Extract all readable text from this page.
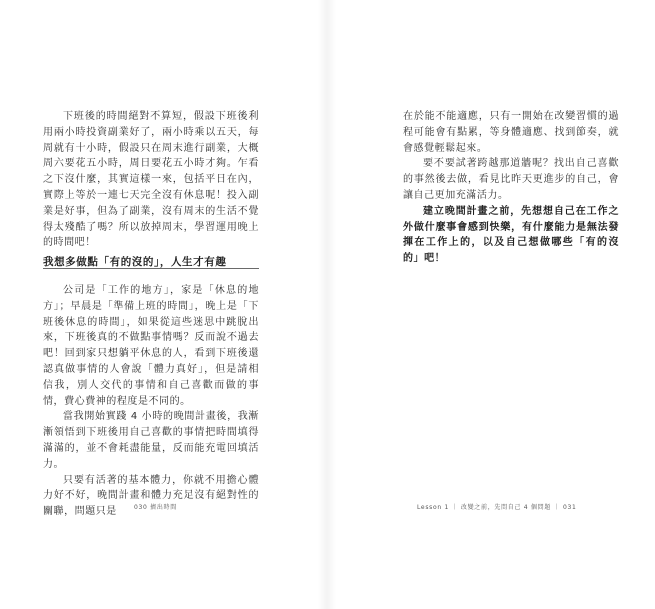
下班後的時間絕對不算短，假設下班後利用兩小時投資副業好了，兩小時乘以五天，每周就有十小時，假設只在周末進行副業，大概周六要花五小時，周日要花五小時才夠。乍看之下沒什麼，其實這樣一來，包括平日在內，實際上等於一連七天完全沒有休息呢！投入副業是好事，但為了副業，沒有周末的生活不覺得太殘酷了嗎？所以放掉周末，學習運用晚上的時間吧！

我想多做點「有的沒的」，人生才有趣

公司是「工作的地方」，家是「休息的地方」；早晨是「準備上班的時間」，晚上是「下班後休息的時間」，如果從這些迷思中跳脫出來，下班後真的不做點事情嗎？反而說不過去吧！回到家只想躺平休息的人，看到下班後還認真做事情的人會說「體力真好」，但是請相信我，別人交代的事情和自己喜歡而做的事情，費心費神的程度是不同的。

當我開始實踐 4 小時的晚間計畫後，我漸漸領悟到下班後用自己喜歡的事情把時間填得滿滿的，並不會耗盡能量，反而能充電回填活力。

只要有活著的基本體力，你就不用擔心體力好不好，晚間計畫和體力充足沒有絕對性的關聯，問題只是	030 擠出時間

在於能不能適應，只有一開始在改變習慣的過程可能會有點累，等身體適應、找到節奏，就會感覺輕鬆起來。

要不要試著跨越那道牆呢？找出自己喜歡的事然後去做，看見比昨天更進步的自己，會讓自己更加充滿活力。

建立晚間計畫之前，先想想自己在工作之外做什麼事會感到快樂，有什麼能力是無法發揮在工作上的，以及自己想做哪些「有的沒的」吧！

Lesson 1 ｜ 改變之前，先問自己 4 個問題 ｜ 031
